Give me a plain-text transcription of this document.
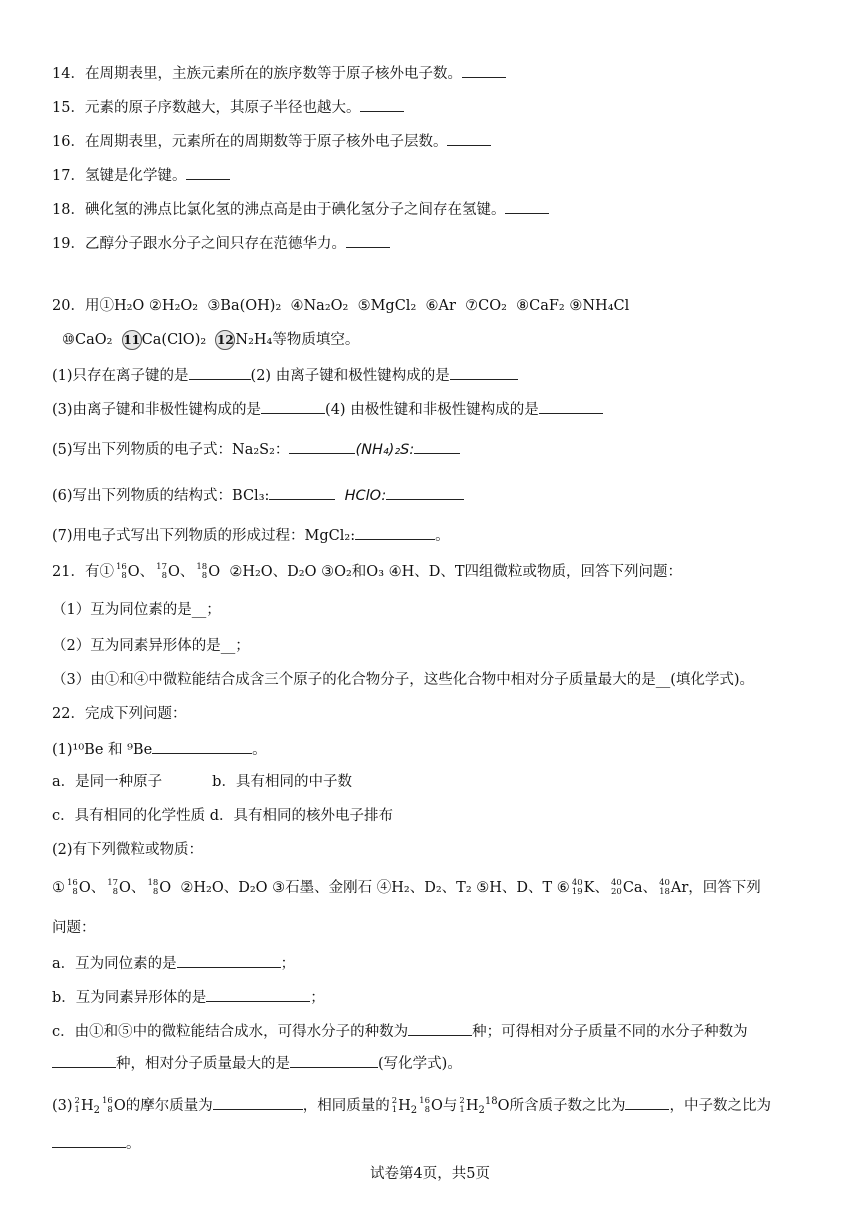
14．在周期表里，主族元素所在的族序数等于原子核外电子数。
15．元素的原子序数越大，其原子半径也越大。
16．在周期表里，元素所在的周期数等于原子核外电子层数。
17．氢键是化学键。
18．碘化氢的沸点比氯化氢的沸点高是由于碘化氢分子之间存在氢键。
19．乙醇分子跟水分子之间只存在范德华力。
20．用①H₂O ②H₂O₂ ③Ba(OH)₂ ④Na₂O₂ ⑤MgCl₂ ⑥Ar ⑦CO₂ ⑧CaF₂ ⑨NH₄Cl
⑩CaO₂ 11 Ca(ClO)₂ 12 N₂H₄等物质填空。
(1)只存在离子键的是	(2) 由离子键和极性键构成的是
(3)由离子键和非极性键构成的是	(4) 由极性键和非极性键构成的是
(5)写出下列物质的电子式：Na₂S₂：	(NH₄)₂S:
(6)写出下列物质的结构式：BCl₃:	HClO:
(7)用电子式写出下列物质的形成过程：MgCl₂:	。
21．有① 16
8 O、 17
8 O、 18
8 O  ②H₂O、D₂O ③O₂和O₃ ④H、D、T四组微粒或物质，回答下列问题：
（1）互为同位素的是__；
（2）互为同素异形体的是__；
（3）由①和④中微粒能结合成含三个原子的化合物分子，这些化合物中相对分子质量最大的是__(填化学式)。
22．完成下列问题：
(1)¹⁰Be 和 ⁹Be	。
a．是同一种原子	b．具有相同的中子数
c．具有相同的化学性质 d．具有相同的核外电子排布
(2)有下列微粒或物质：
① 16
8 O、 17
8 O、 18
8 O  ②H₂O、D₂O ③石墨、金刚石 ④H₂、D₂、T₂ ⑤H、D、T ⑥ 40
19 K、 40
20 Ca、 40
18 Ar，回答下列
问题：
a．互为同位素的是	；
b．互为同素异形体的是	；
c．由①和⑤中的微粒能结合成水，可得水分子的种数为	种；可得相对分子质量不同的水分子种数为
种，相对分子质量最大的是	(写化学式)。
(3) 2
1 $H_2$
16
8 O的摩尔质量为	，相同质量的 2
1 $H_2$
16
8 O与 2
1 $H_2^{18}O$所含质子数之比为	，中子数之比为
。
试卷第4页，共5页
